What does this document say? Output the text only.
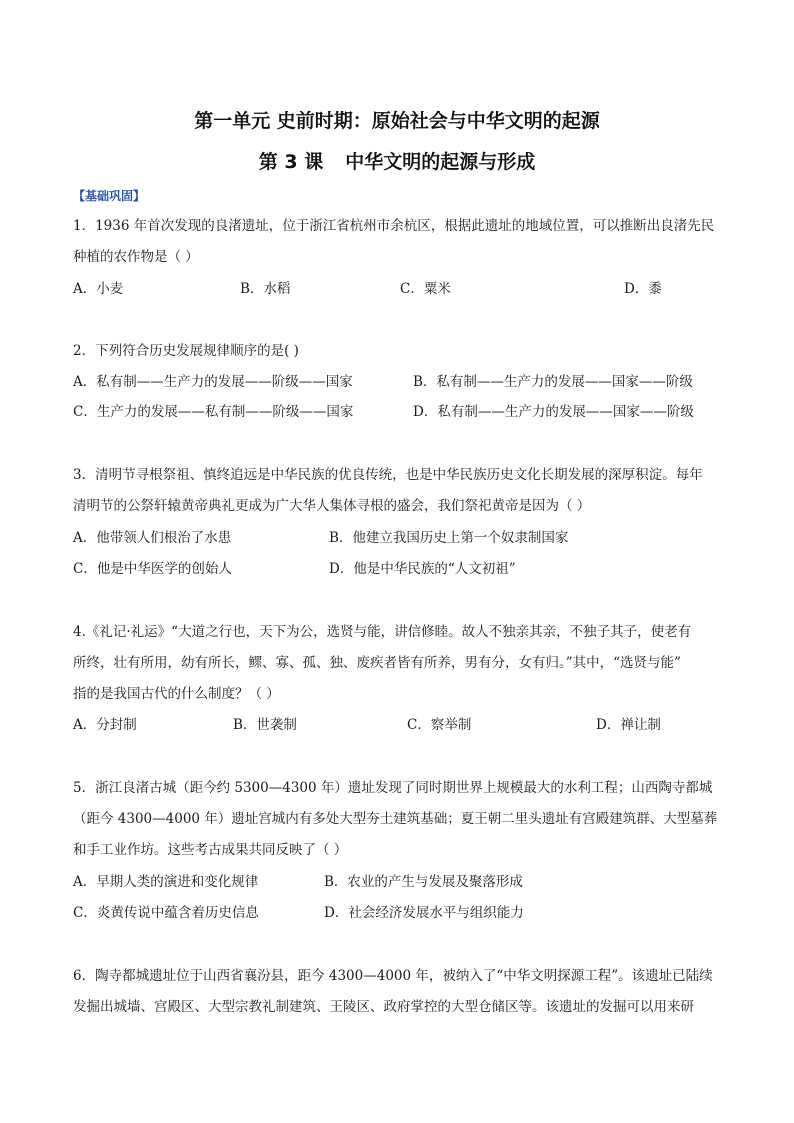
第一单元 史前时期：原始社会与中华文明的起源
第 3 课 中华文明的起源与形成
【基础巩固】
1．1936 年首次发现的良渚遗址，位于浙江省杭州市余杭区，根据此遗址的地域位置，可以推断出良渚先民
种植的农作物是（ ）
A．小麦	B．水稻	C．粟米	D．黍
2．下列符合历史发展规律顺序的是( )
A．私有制——生产力的发展——阶级——国家	B．私有制——生产力的发展——国家——阶级
C．生产力的发展——私有制——阶级——国家	D．私有制——生产力的发展——国家——阶级
3．清明节寻根祭祖、慎终追远是中华民族的优良传统，也是中华民族历史文化长期发展的深厚积淀。每年
清明节的公祭轩辕黄帝典礼更成为广大华人集体寻根的盛会，我们祭祀黄帝是因为（ ）
A．他带领人们根治了水患	B．他建立我国历史上第一个奴隶制国家
C．他是中华医学的创始人	D．他是中华民族的“人文初祖”
4.《礼记·礼运》“大道之行也，天下为公，选贤与能，讲信修睦。故人不独亲其亲，不独子其子，使老有
所终，壮有所用，幼有所长，鳏、寡、孤、独、废疾者皆有所养，男有分，女有归。”其中，“选贤与能”
指的是我国古代的什么制度？（ ）
A．分封制	B．世袭制	C．察举制	D．禅让制
5．浙江良渚古城（距今约 5300—4300 年）遗址发现了同时期世界上规模最大的水利工程；山西陶寺都城
（距今 4300—4000 年）遗址宫城内有多处大型夯土建筑基础；夏王朝二里头遗址有宫殿建筑群、大型墓葬
和手工业作坊。这些考古成果共同反映了（ ）
A．早期人类的演进和变化规律	B．农业的产生与发展及聚落形成
C．炎黄传说中蕴含着历史信息	D．社会经济发展水平与组织能力
6．陶寺都城遗址位于山西省襄汾县，距今 4300—4000 年，被纳入了“中华文明探源工程”。该遗址已陆续
发掘出城墙、宫殿区、大型宗教礼制建筑、王陵区、政府掌控的大型仓储区等。该遗址的发掘可以用来研
